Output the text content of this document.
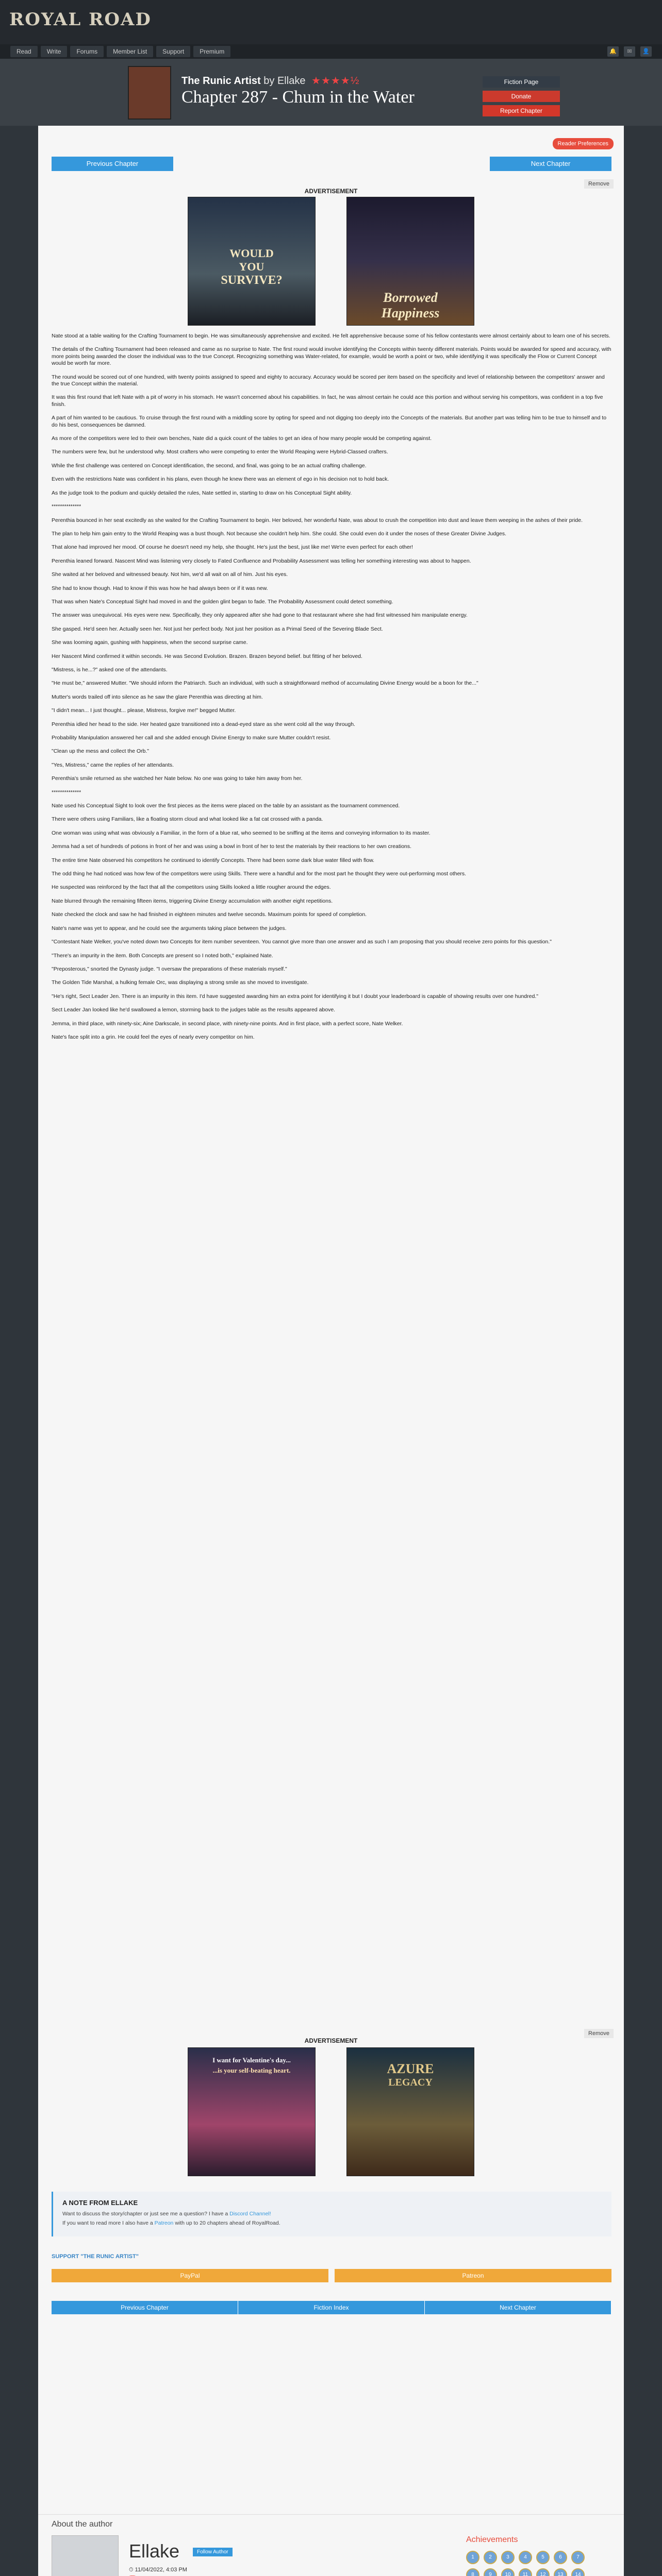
ROYAL ROAD
Read	Write	Forums	Member List	Support	Premium	🔔	✉	👤
The Runic Artist by Ellake ★★★★½
Chapter 287 - Chum in the Water
Fiction Page
Donate
Report Chapter
Reader Preferences
Previous Chapter	Next Chapter
Remove
ADVERTISEMENT
WOULD
YOU
SURVIVE?
Borrowed
Happiness

Nate stood at a table waiting for the Crafting Tournament to begin. He was simultaneously apprehensive and excited. He felt apprehensive because some of his fellow contestants were almost certainly about to learn one of his secrets.

The details of the Crafting Tournament had been released and came as no surprise to Nate. The first round would involve identifying the Concepts within twenty different materials. Points would be awarded for speed and accuracy, with more points being awarded the closer the individual was to the true Concept. Recognizing something was Water-related, for example, would be worth a point or two, while identifying it was specifically the Flow or Current Concept would be worth far more.

The round would be scored out of one hundred, with twenty points assigned to speed and eighty to accuracy. Accuracy would be scored per item based on the specificity and level of relationship between the competitors' answer and the true Concept within the material.

It was this first round that left Nate with a pit of worry in his stomach. He wasn't concerned about his capabilities. In fact, he was almost certain he could ace this portion and without serving his competitors, was confident in a top five finish.

A part of him wanted to be cautious. To cruise through the first round with a middling score by opting for speed and not digging too deeply into the Concepts of the materials. But another part was telling him to be true to himself and to do his best, consequences be damned.

As more of the competitors were led to their own benches, Nate did a quick count of the tables to get an idea of how many people would be competing against.

The numbers were few, but he understood why. Most crafters who were competing to enter the World Reaping were Hybrid-Classed crafters.

While the first challenge was centered on Concept identification, the second, and final, was going to be an actual crafting challenge.

Even with the restrictions Nate was confident in his plans, even though he knew there was an element of ego in his decision not to hold back.

As the judge took to the podium and quickly detailed the rules, Nate settled in, starting to draw on his Conceptual Sight ability.

**************

Perenthia bounced in her seat excitedly as she waited for the Crafting Tournament to begin. Her beloved, her wonderful Nate, was about to crush the competition into dust and leave them weeping in the ashes of their pride.

The plan to help him gain entry to the World Reaping was a bust though. Not because she couldn't help him. She could. She could even do it under the noses of these Greater Divine Judges.

That alone had improved her mood. Of course he doesn't need my help, she thought. He's just the best, just like me! We're even perfect for each other!

Perenthia leaned forward. Nascent Mind was listening very closely to Fated Confluence and Probability Assessment was telling her something interesting was about to happen.

She waited at her beloved and witnessed beauty. Not him, we'd all wait on all of him. Just his eyes.

She had to know though. Had to know if this was how he had always been or if it was new.

That was when Nate's Conceptual Sight had moved in and the golden glint began to fade. The Probability Assessment could detect something.

The answer was unequivocal. His eyes were new. Specifically, they only appeared after she had gone to that restaurant where she had first witnessed him manipulate energy.

She gasped. He'd seen her. Actually seen her. Not just her perfect body. Not just her position as a Primal Seed of the Severing Blade Sect.

She was looming again, gushing with happiness, when the second surprise came.

Her Nascent Mind confirmed it within seconds. He was Second Evolution. Brazen. Brazen beyond belief. but fitting of her beloved.

"Mistress, is he...?" asked one of the attendants.

"He must be," answered Mutter. "We should inform the Patriarch. Such an individual, with such a straightforward method of accumulating Divine Energy would be a boon for the..."

Mutter's words trailed off into silence as he saw the glare Perenthia was directing at him.

"I didn't mean... I just thought... please, Mistress, forgive me!" begged Mutter.

Perenthia idled her head to the side. Her heated gaze transitioned into a dead-eyed stare as she went cold all the way through.

Probability Manipulation answered her call and she added enough Divine Energy to make sure Mutter couldn't resist.

"Clean up the mess and collect the Orb."

"Yes, Mistress," came the replies of her attendants.

Perenthia's smile returned as she watched her Nate below. No one was going to take him away from her.

**************

Nate used his Conceptual Sight to look over the first pieces as the items were placed on the table by an assistant as the tournament commenced.

There were others using Familiars, like a floating storm cloud and what looked like a fat cat crossed with a panda.

One woman was using what was obviously a Familiar, in the form of a blue rat, who seemed to be sniffing at the items and conveying information to its master.

Jemma had a set of hundreds of potions in front of her and was using a bowl in front of her to test the materials by their reactions to her own creations.

The entire time Nate observed his competitors he continued to identify Concepts. There had been some dark blue water filled with flow.

The odd thing he had noticed was how few of the competitors were using Skills. There were a handful and for the most part he thought they were out-performing most others.

He suspected was reinforced by the fact that all the competitors using Skills looked a little rougher around the edges.

Nate blurred through the remaining fifteen items, triggering Divine Energy accumulation with another eight repetitions.

Nate checked the clock and saw he had finished in eighteen minutes and twelve seconds. Maximum points for speed of completion.

Nate's name was yet to appear, and he could see the arguments taking place between the judges.

"Contestant Nate Welker, you've noted down two Concepts for item number seventeen. You cannot give more than one answer and as such I am proposing that you should receive zero points for this question."

"There's an impurity in the item. Both Concepts are present so I noted both," explained Nate.

"Preposterous," snorted the Dynasty judge. "I oversaw the preparations of these materials myself."

The Golden Tide Marshal, a hulking female Orc, was displaying a strong smile as she moved to investigate.

"He's right, Sect Leader Jen. There is an impurity in this item. I'd have suggested awarding him an extra point for identifying it but I doubt your leaderboard is capable of showing results over one hundred."

Sect Leader Jan looked like he'd swallowed a lemon, storming back to the judges table as the results appeared above.

Jemma, in third place, with ninety-six; Aine Darkscale, in second place, with ninety-nine points. And in first place, with a perfect score, Nate Welker.

Nate's face split into a grin. He could feel the eyes of nearly every competitor on him.

ADVERTISEMENT
Remove
I want for Valentine's day...
...is your self-beating heart.	AZURE
LEGACY
A NOTE FROM ELLAKE

Want to discuss the story/chapter or just see me a question? I have a Discord Channel!

If you want to read more I also have a Patreon with up to 20 chapters ahead of RoyalRoad.

SUPPORT "THE RUNIC ARTIST"
PayPal	Patreon
Previous Chapter	Fiction Index	Next Chapter
About the author
Ellake	Follow Author
⏱ 11/04/2022, 4:03 PM
Achievements
1	2	3	4	5	6	7
8	9	10	11	12	13	14
